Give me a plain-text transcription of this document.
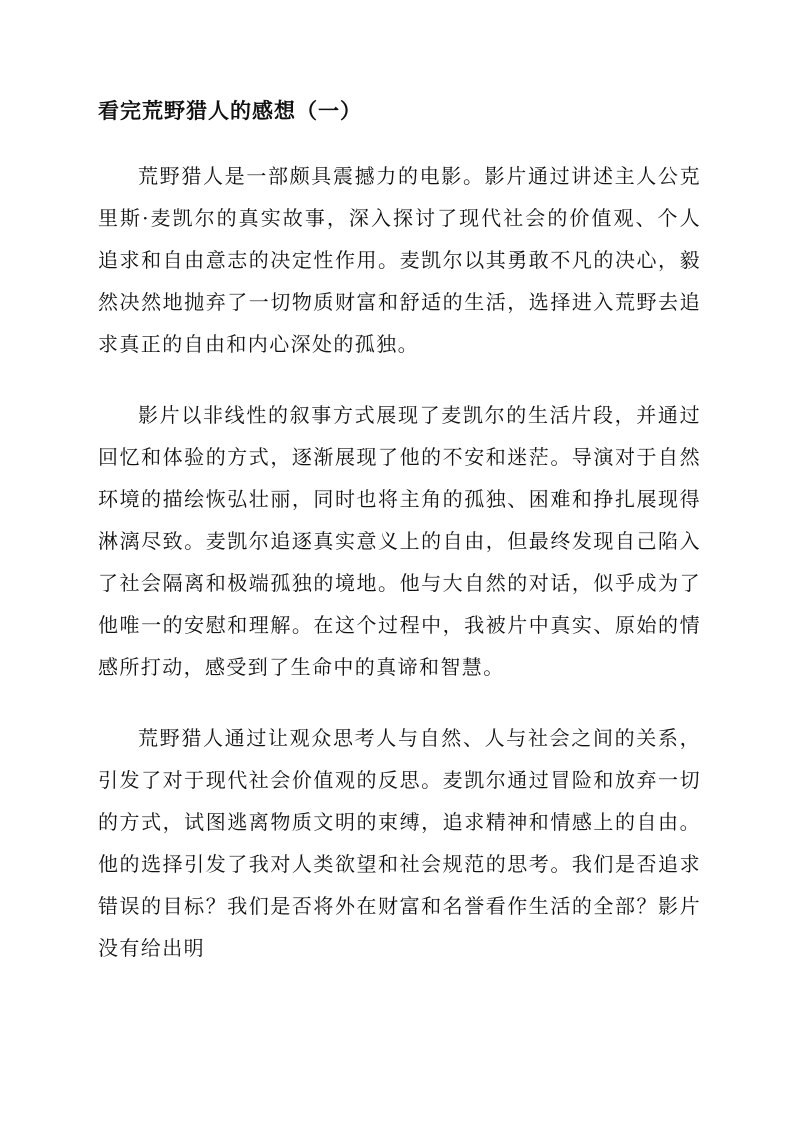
看完荒野猎人的感想（一）

荒野猎人是一部颇具震撼力的电影。影片通过讲述主人公克里斯·麦凯尔的真实故事，深入探讨了现代社会的价值观、个人追求和自由意志的决定性作用。麦凯尔以其勇敢不凡的决心，毅然决然地抛弃了一切物质财富和舒适的生活，选择进入荒野去追求真正的自由和内心深处的孤独。

影片以非线性的叙事方式展现了麦凯尔的生活片段，并通过回忆和体验的方式，逐渐展现了他的不安和迷茫。导演对于自然环境的描绘恢弘壮丽，同时也将主角的孤独、困难和挣扎展现得淋漓尽致。麦凯尔追逐真实意义上的自由，但最终发现自己陷入了社会隔离和极端孤独的境地。他与大自然的对话，似乎成为了他唯一的安慰和理解。在这个过程中，我被片中真实、原始的情感所打动，感受到了生命中的真谛和智慧。

荒野猎人通过让观众思考人与自然、人与社会之间的关系，引发了对于现代社会价值观的反思。麦凯尔通过冒险和放弃一切的方式，试图逃离物质文明的束缚，追求精神和情感上的自由。他的选择引发了我对人类欲望和社会规范的思考。我们是否追求错误的目标？我们是否将外在财富和名誉看作生活的全部？影片没有给出明
